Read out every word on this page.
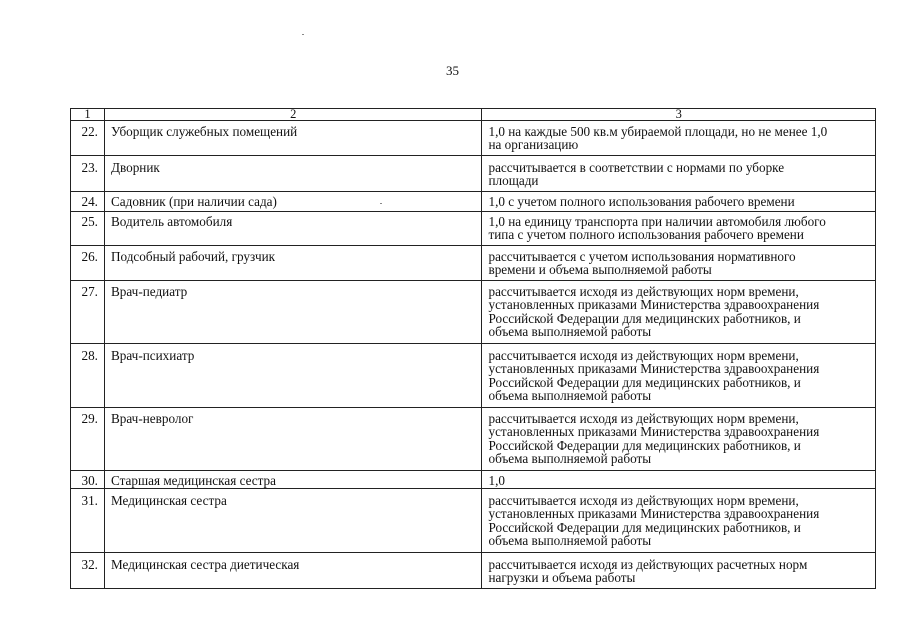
35
1	2	3
22.	Уборщик служебных помещений	1,0 на каждые 500 кв.м убираемой площади, но не менее 1,0
на организацию
23.	Дворник	рассчитывается в соответствии с нормами по уборке
площади
24.	Садовник (при наличии сада)	1,0 с учетом полного использования рабочего времени
25.	Водитель автомобиля	1,0 на единицу транспорта при наличии автомобиля любого
типа с учетом полного использования рабочего времени
26.	Подсобный рабочий, грузчик	рассчитывается с учетом использования нормативного
времени и объема выполняемой работы
27.	Врач-педиатр	рассчитывается исходя из действующих норм времени,
установленных приказами Министерства здравоохранения
Российской Федерации для медицинских работников, и
объема выполняемой работы
28.	Врач-психиатр	рассчитывается исходя из действующих норм времени,
установленных приказами Министерства здравоохранения
Российской Федерации для медицинских работников, и
объема выполняемой работы
29.	Врач-невролог	рассчитывается исходя из действующих норм времени,
установленных приказами Министерства здравоохранения
Российской Федерации для медицинских работников, и
объема выполняемой работы
30.	Старшая медицинская сестра	1,0
31.	Медицинская сестра	рассчитывается исходя из действующих норм времени,
установленных приказами Министерства здравоохранения
Российской Федерации для медицинских работников, и
объема выполняемой работы
32.	Медицинская сестра диетическая	рассчитывается исходя из действующих расчетных норм
нагрузки и объема работы
